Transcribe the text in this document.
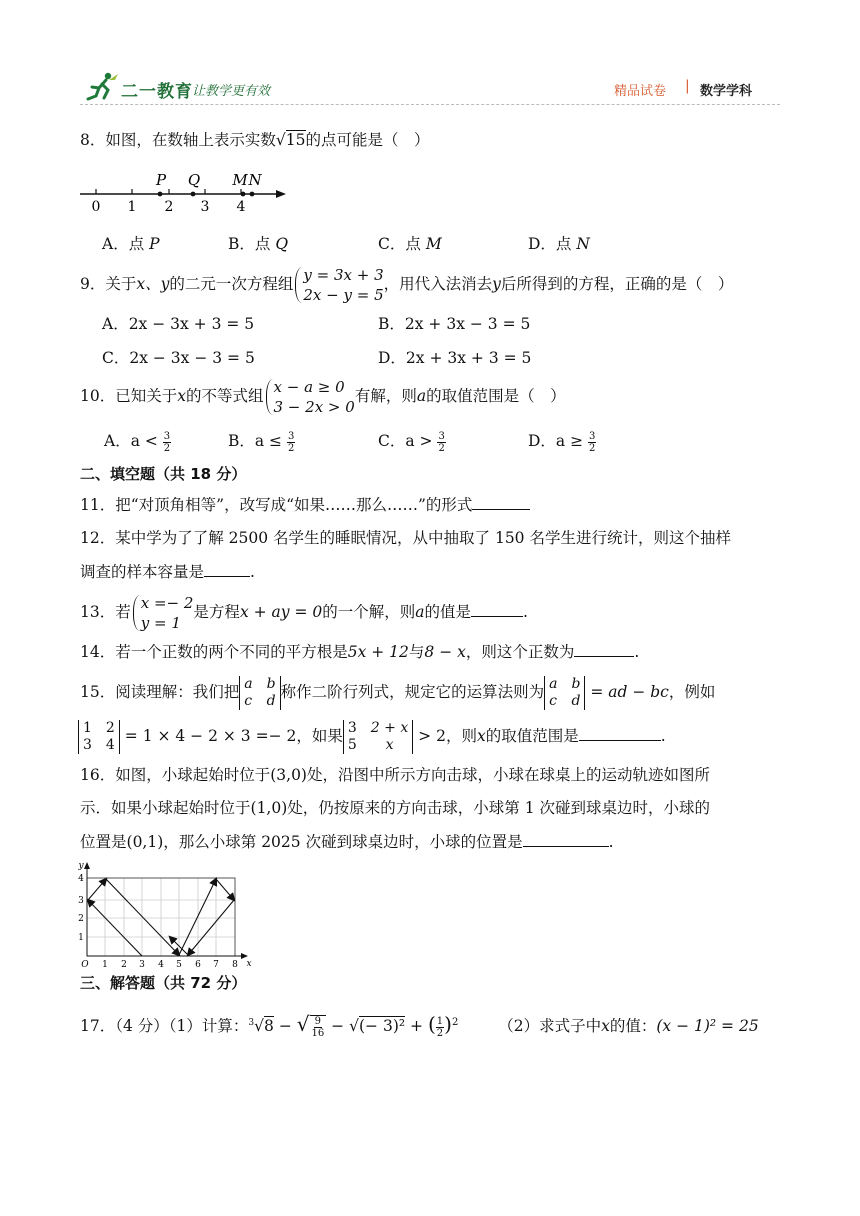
二一教育 让教学更有效	精品试卷 | 数学学科
8．如图，在数轴上表示实数√15的点可能是（　）
0 1 2 3 4
P Q M N
A．点 P	B．点 Q	C．点 M	D．点 N
9．关于x、y的二元一次方程组 y = 3x + 3
2x − y = 5
，用代入法消去y后所得到的方程，正确的是（　）
A．2x − 3x + 3 = 5	B．2x + 3x − 3 = 5
C．2x − 3x − 3 = 5	D．2x + 3x + 3 = 5
10．已知关于x的不等式组 x − a ≥ 0
3 − 2x > 0
有解，则a的取值范围是（　）
A．$a < \frac{3}{2}$	B．$a \le \frac{3}{2}$	C．$a > \frac{3}{2}$	D．$a \ge \frac{3}{2}$
二、填空题（共 18 分）
11．把“对顶角相等”，改写成“如果……那么……”的形式
12．某中学为了了解 2500 名学生的睡眠情况，从中抽取了 150 名学生进行统计，则这个抽样
调查的样本容量是	.
13．若 x =− 2
y = 1
是方程x + ay = 0的一个解，则a的值是	.
14．若一个正数的两个不同的平方根是5x + 12与8 − x，则这个正数为	.
15．阅读理解：我们把 a b
c d 称作二阶行列式，规定它的运算法则为 a b
c d = ad − bc，例如
1 2
3 4 = 1 × 4 − 2 × 3 =− 2，如果 3 2 + x
5	x	> 2，则x的取值范围是	.
16．如图，小球起始时位于(3,0)处，沿图中所示方向击球，小球在球桌上的运动轨迹如图所
示．如果小球起始时位于(1,0)处，仍按原来的方向击球，小球第 1 次碰到球桌边时，小球的
位置是(0,1)，那么小球第 2025 次碰到球桌边时，小球的位置是	.
O 1 2 3 4 5 6 7 8 x
1
2
3
4
y
三、解答题（共 72 分）
17．（4 分）（1）计算：$^3$√8 − √ $\frac{9}{16}$ − √(− 3)² + ( $\frac{1}{2} )^2$	（2）求式子中x的值：(x − 1)² = 25
